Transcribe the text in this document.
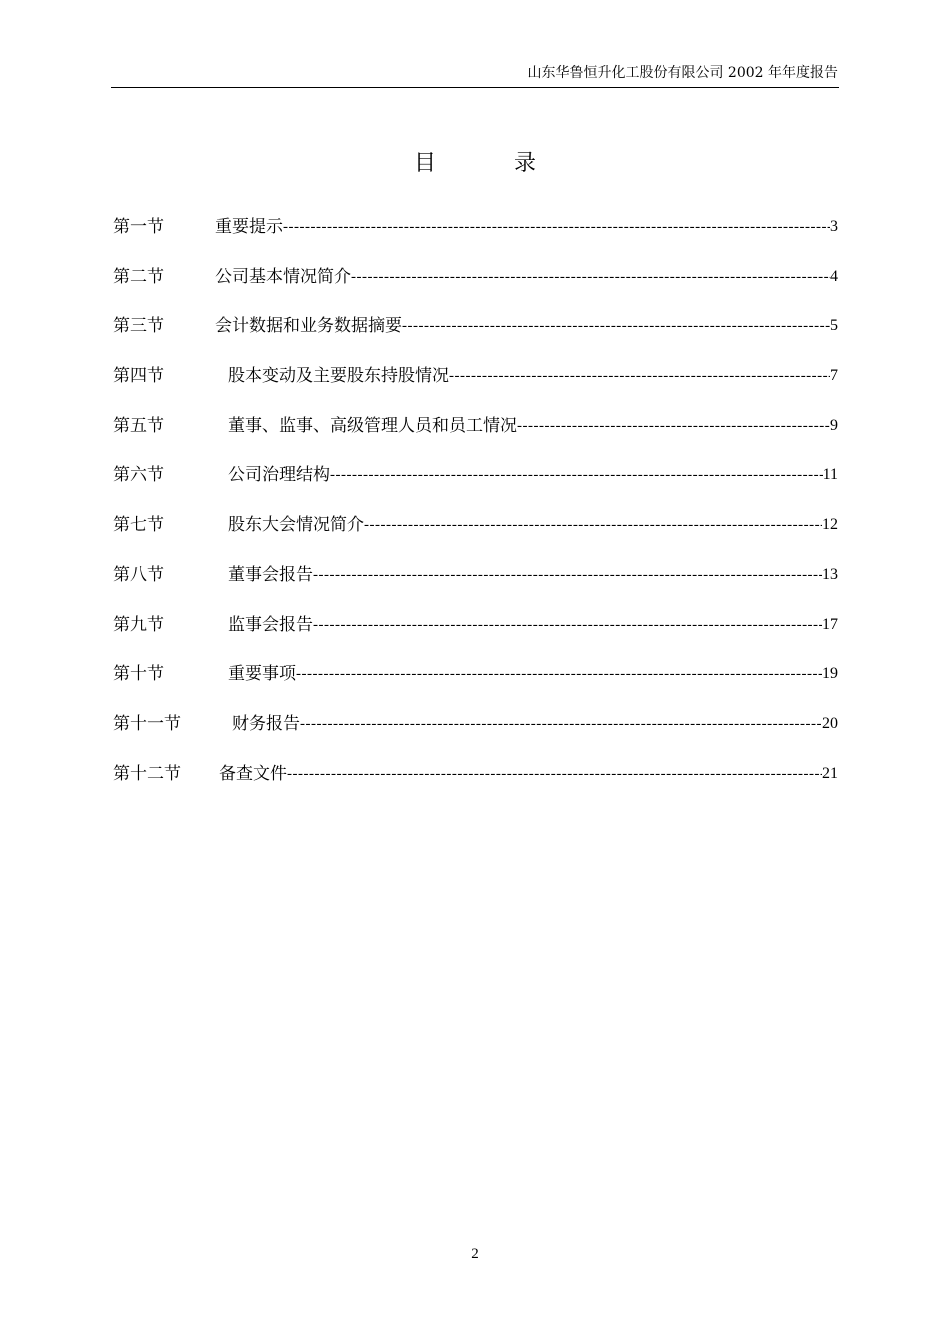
山东华鲁恒升化工股份有限公司 2002 年年度报告
目	录
第一节	重要提示 -----	3
第二节	公司基本情况简介 -----	4
第三节	会计数据和业务数据摘要 -----	5
第四节	股本变动及主要股东持股情况 -----	7
第五节	董事、监事、高级管理人员和员工情况 -----	9
第六节	公司治理结构 -----	11
第七节	股东大会情况简介 -----	12
第八节	董事会报告 -----	13
第九节	监事会报告 -----	17
第十节	重要事项 -----	19
第十一节	财务报告 -----	20
第十二节	备查文件 -----	21
2
